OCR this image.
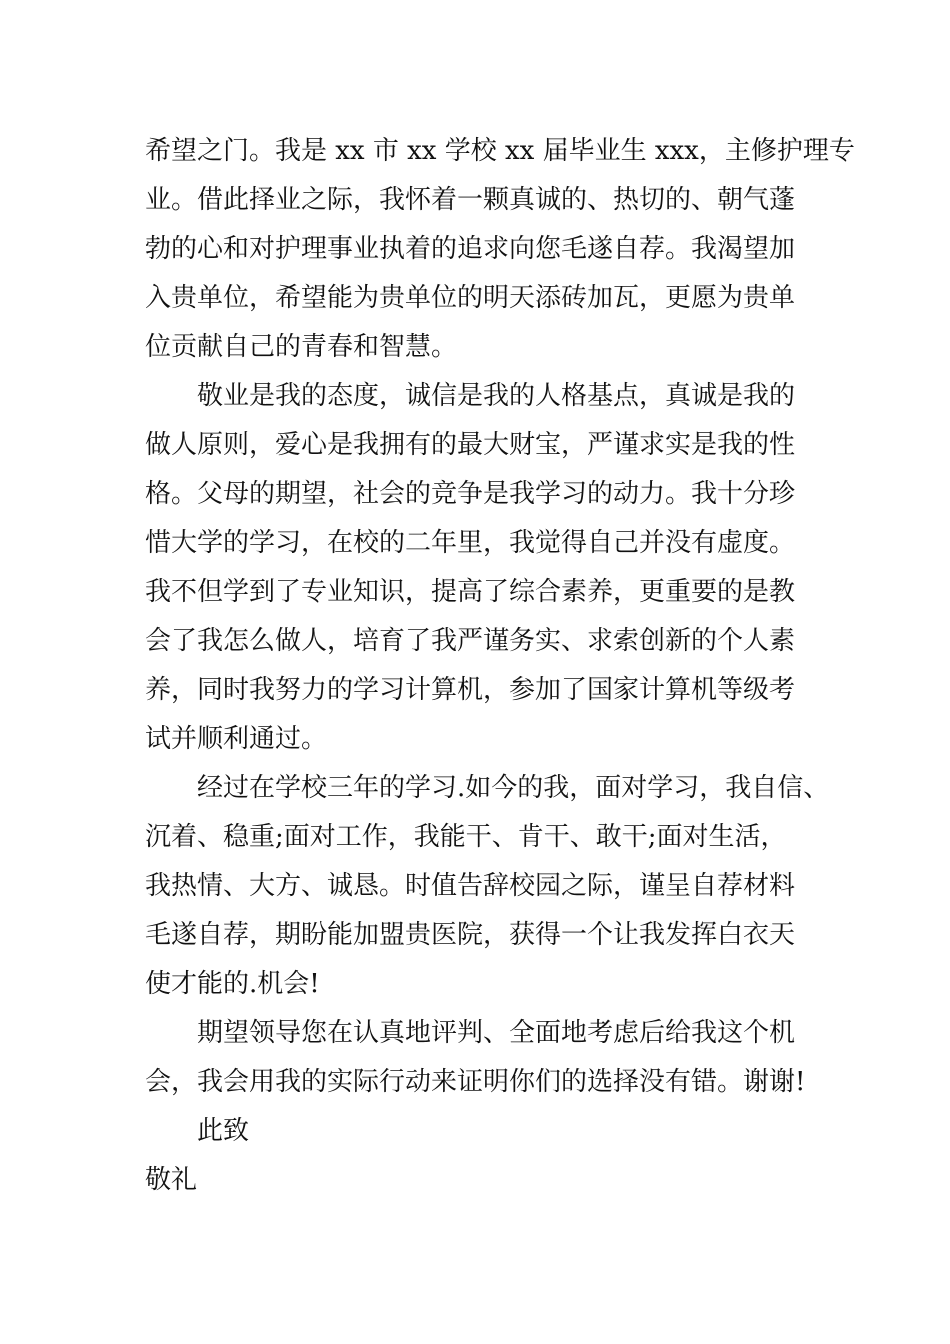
希望之门。我是 xx 市 xx 学校 xx 届毕业生 xxx，主修护理专
业。借此择业之际，我怀着一颗真诚的、热切的、朝气蓬
勃的心和对护理事业执着的追求向您毛遂自荐。我渴望加
入贵单位，希望能为贵单位的明天添砖加瓦，更愿为贵单
位贡献自己的青春和智慧。
敬业是我的态度，诚信是我的人格基点，真诚是我的
做人原则，爱心是我拥有的最大财宝，严谨求实是我的性
格。父母的期望，社会的竞争是我学习的动力。我十分珍
惜大学的学习，在校的二年里，我觉得自己并没有虚度。
我不但学到了专业知识，提高了综合素养，更重要的是教
会了我怎么做人，培育了我严谨务实、求索创新的个人素
养，同时我努力的学习计算机，参加了国家计算机等级考
试并顺利通过。
经过在学校三年的学习.如今的我，面对学习，我自信、
沉着、稳重;面对工作，我能干、肯干、敢干;面对生活，
我热情、大方、诚恳。时值告辞校园之际，谨呈自荐材料
毛遂自荐，期盼能加盟贵医院，获得一个让我发挥白衣天
使才能的.机会!
期望领导您在认真地评判、全面地考虑后给我这个机
会，我会用我的实际行动来证明你们的选择没有错。谢谢!
此致
敬礼
